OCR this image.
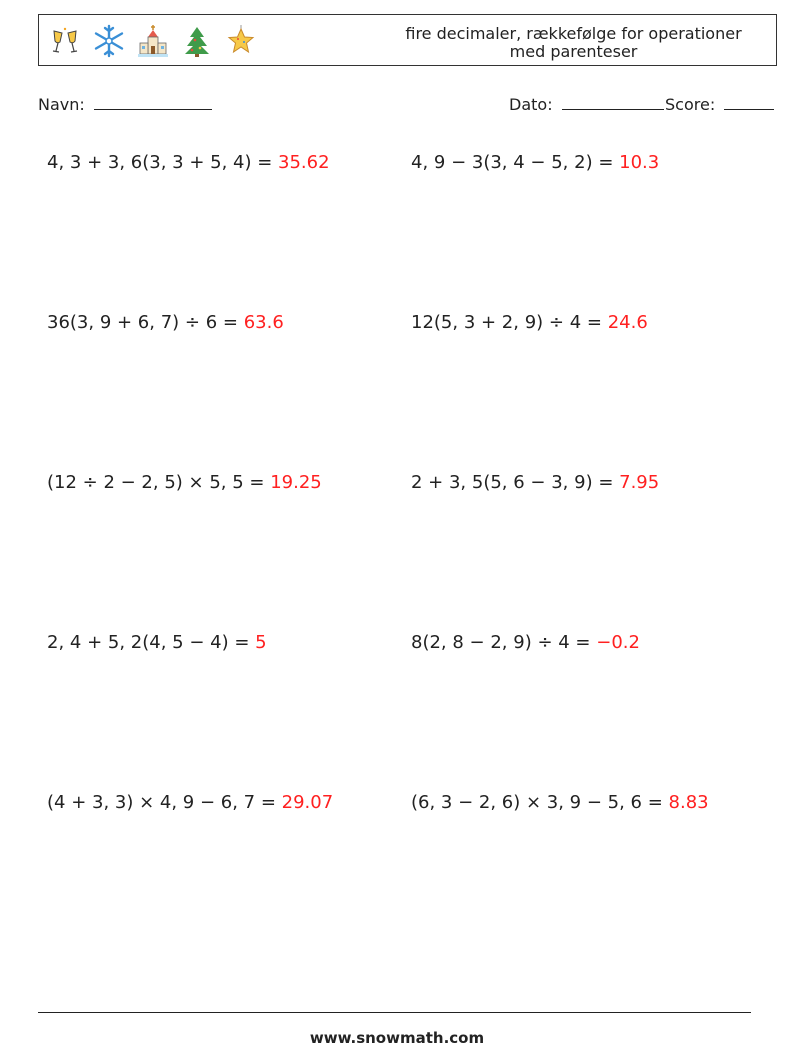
fire decimaler, rækkefølge for operationer
med parenteser
Navn:	Dato:	Score:
4, 3 + 3, 6(3, 3 + 5, 4) = 35.62	4, 9 − 3(3, 4 − 5, 2) = 10.3
36(3, 9 + 6, 7) ÷ 6 = 63.6	12(5, 3 + 2, 9) ÷ 4 = 24.6
(12 ÷ 2 − 2, 5) × 5, 5 = 19.25	2 + 3, 5(5, 6 − 3, 9) = 7.95
2, 4 + 5, 2(4, 5 − 4) = 5	8(2, 8 − 2, 9) ÷ 4 = −0.2
(4 + 3, 3) × 4, 9 − 6, 7 = 29.07	(6, 3 − 2, 6) × 3, 9 − 5, 6 = 8.83
www.snowmath.com
